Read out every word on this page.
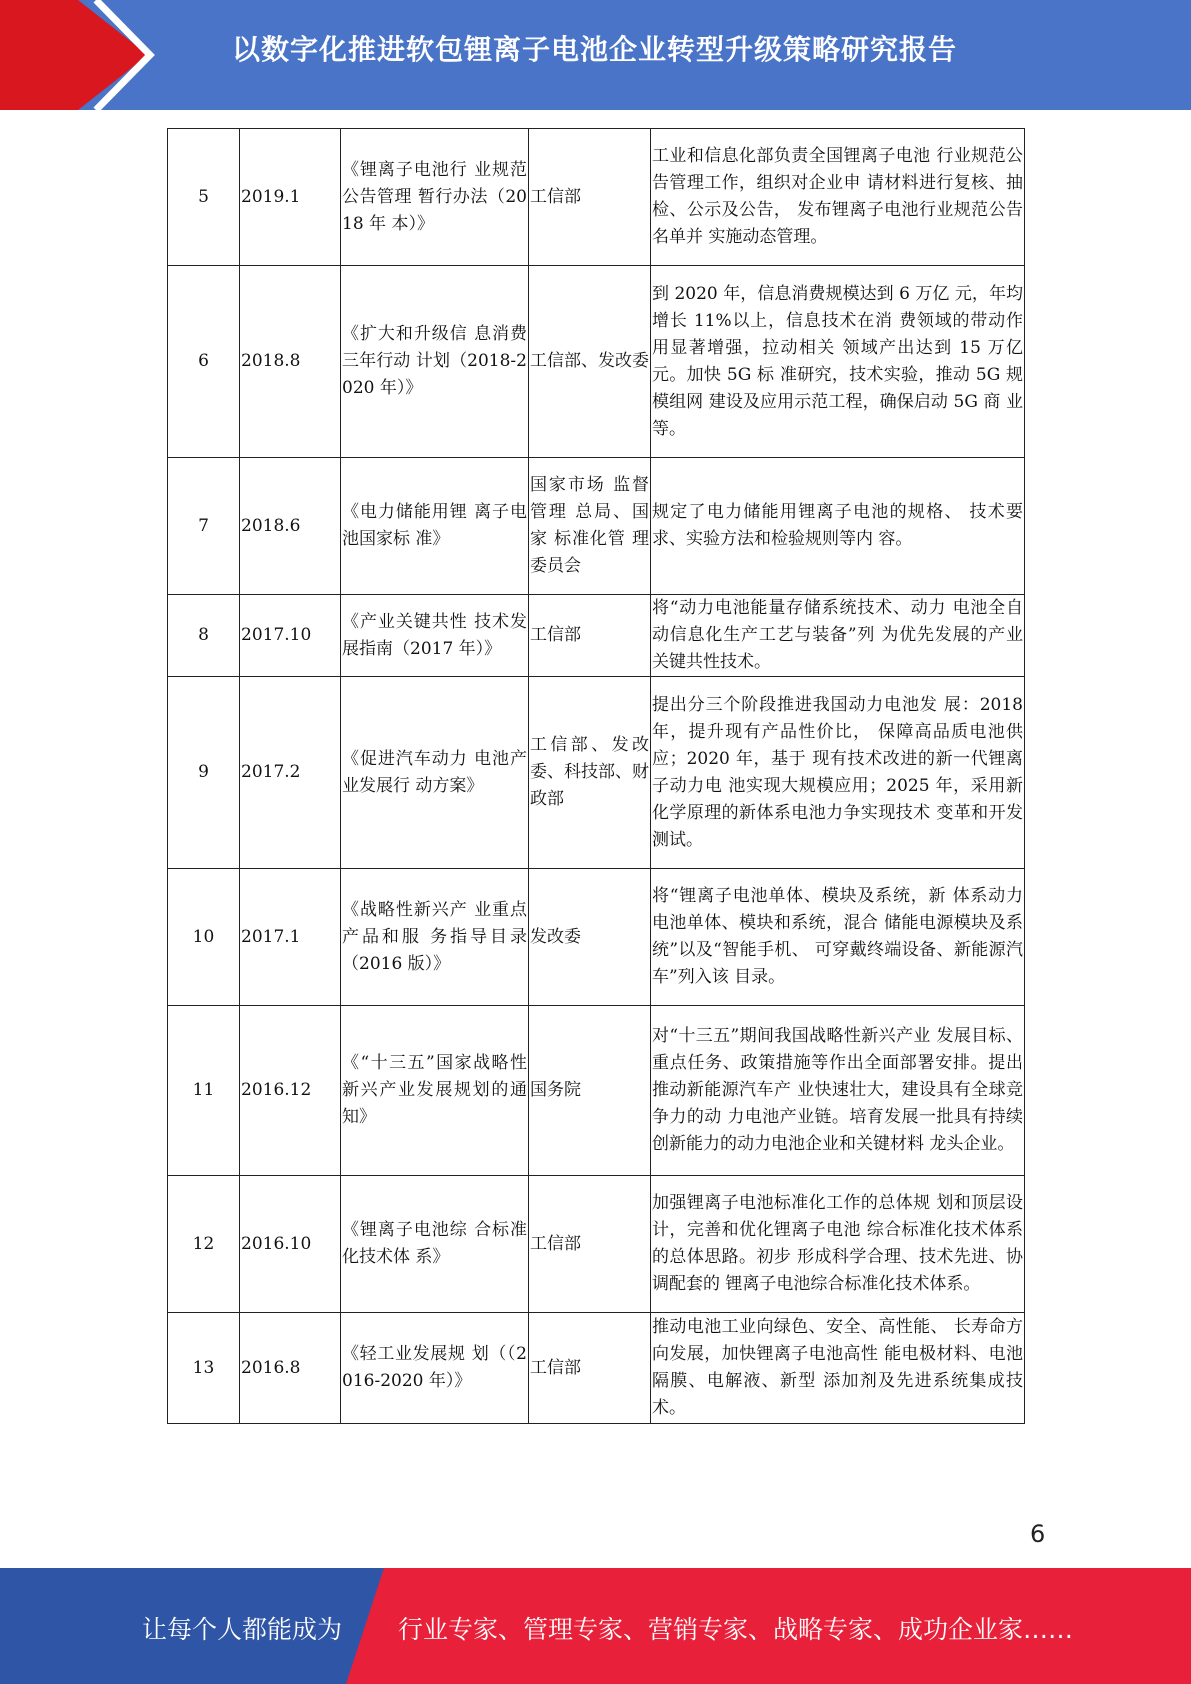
以数字化推进软包锂离子电池企业转型升级策略研究报告
5	2019.1	《锂离子电池行 业规范公告管理 暂行办法（2018 年 本）》	工信部	工业和信息化部负责全国锂离子电池 行业规范公告管理工作，组织对企业申 请材料进行复核、抽检、公示及公告， 发布锂离子电池行业规范公告名单并 实施动态管理。
6	2018.8	《扩大和升级信 息消费三年行动 计划（2018-2020 年）》	工信部、发改委	到 2020 年，信息消费规模达到 6 万亿 元，年均增长 11%以上，信息技术在消 费领域的带动作用显著增强，拉动相关 领域产出达到 15 万亿元。加快 5G 标 准研究，技术实验，推动 5G 规模组网 建设及应用示范工程，确保启动 5G 商 业等。
7	2018.6	《电力储能用锂 离子电池国家标 准》	国家市场 监督管理 总局、国家 标准化管 理委员会	规定了电力储能用锂离子电池的规格、 技术要求、实验方法和检验规则等内 容。
8	2017.10	《产业关键共性 技术发展指南（2017 年）》	工信部	将“动力电池能量存储系统技术、动力 电池全自动信息化生产工艺与装备”列 为优先发展的产业关键共性技术。
9	2017.2	《促进汽车动力 电池产业发展行 动方案》	工信部、发改委、科技部、财政部	提出分三个阶段推进我国动力电池发 展：2018 年，提升现有产品性价比， 保障高品质电池供应；2020 年，基于 现有技术改进的新一代锂离子动力电 池实现大规模应用；2025 年，采用新 化学原理的新体系电池力争实现技术 变革和开发测试。
10	2017.1	《战略性新兴产 业重点产品和服 务指导目录（2016 版）》	发改委	将“锂离子电池单体、模块及系统，新 体系动力电池单体、模块和系统，混合 储能电源模块及系统”以及“智能手机、 可穿戴终端设备、新能源汽车”列入该 目录。
11	2016.12	《“十三五”国家战略性新兴产业发展规划的通知》	国务院	对“十三五”期间我国战略性新兴产业 发展目标、重点任务、政策措施等作出全面部署安排。提出推动新能源汽车产 业快速壮大，建设具有全球竞争力的动 力电池产业链。培育发展一批具有持续 创新能力的动力电池企业和关键材料 龙头企业。
12	2016.10	《锂离子电池综 合标准化技术体 系》	工信部	加强锂离子电池标准化工作的总体规 划和顶层设计，完善和优化锂离子电池 综合标准化技术体系的总体思路。初步 形成科学合理、技术先进、协调配套的 锂离子电池综合标准化技术体系。
13	2016.8	《轻工业发展规 划（（2016-2020 年）》	工信部	推动电池工业向绿色、安全、高性能、 长寿命方向发展，加快锂离子电池高性 能电极材料、电池隔膜、电解液、新型 添加剂及先进系统集成技术。
6
让每个人都能成为 行业专家、管理专家、营销专家、战略专家、成功企业家……
